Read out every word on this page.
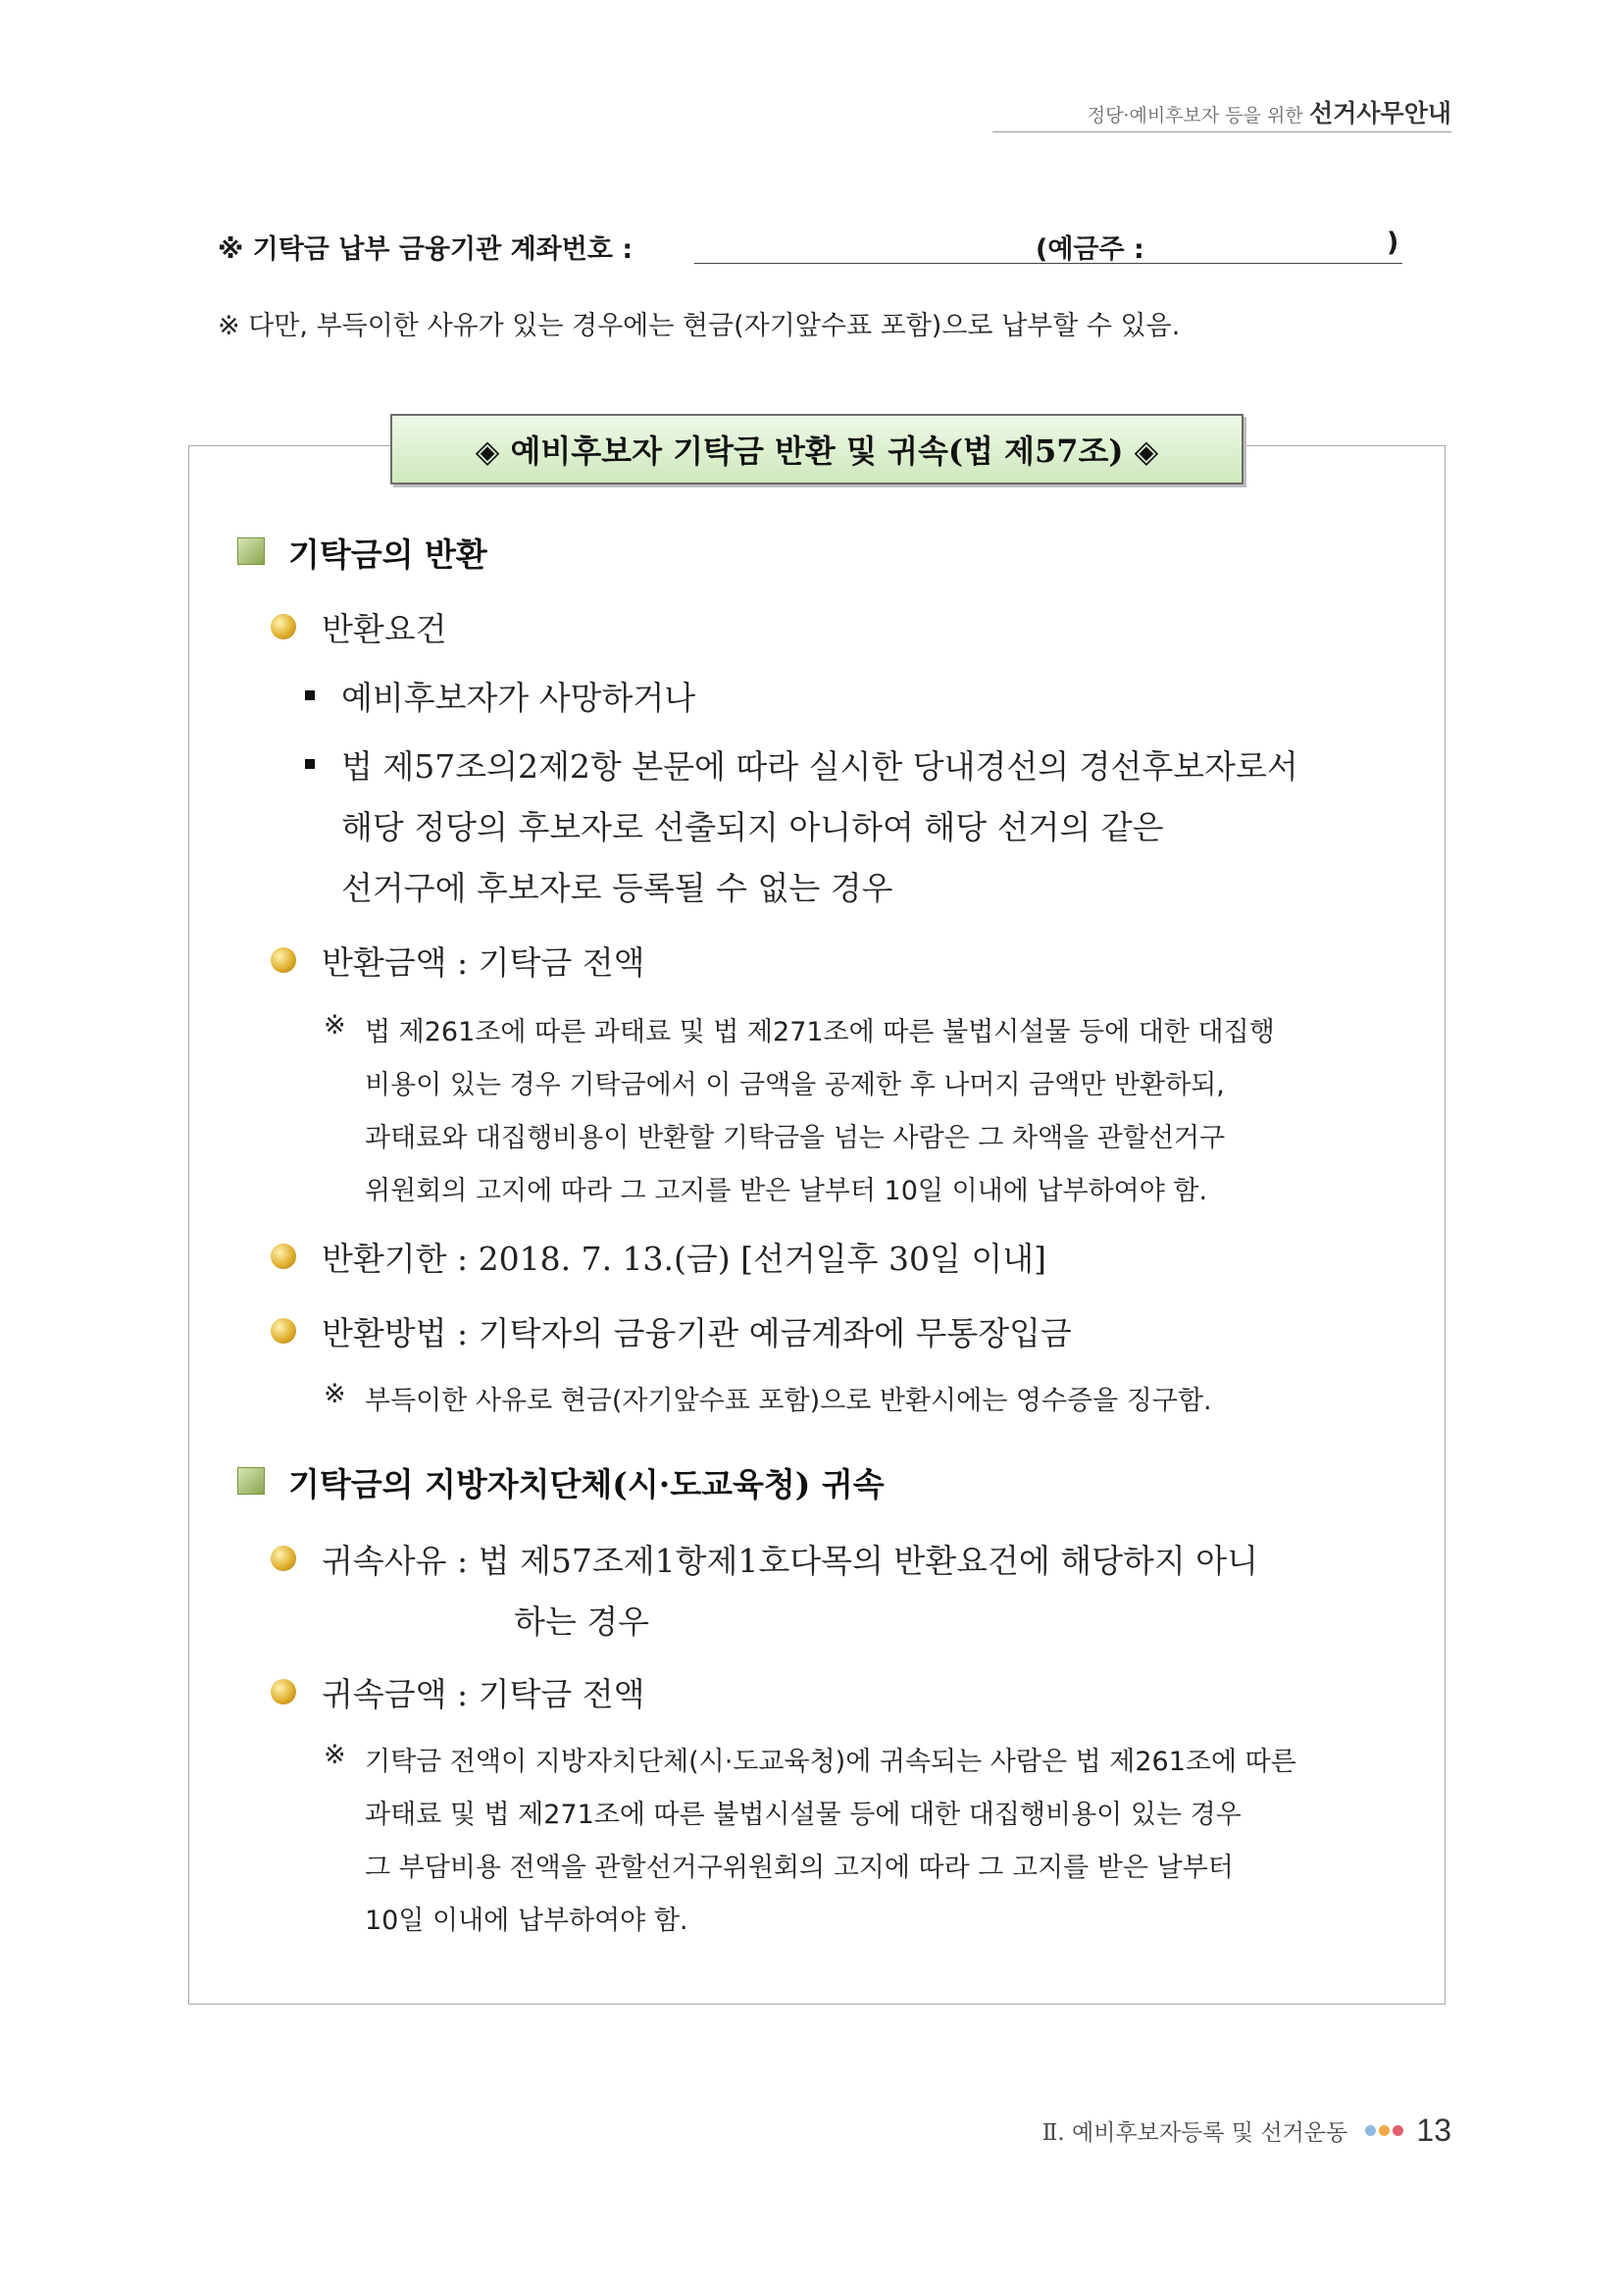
정당·예비후보자 등을 위한 선거사무안내
※ 기탁금 납부 금융기관 계좌번호 :	(예금주 :	)
※ 다만, 부득이한 사유가 있는 경우에는 현금(자기앞수표 포함)으로 납부할 수 있음.
◈ 예비후보자 기탁금 반환 및 귀속(법 제57조) ◈
기탁금의 반환
반환요건
예비후보자가 사망하거나
법 제57조의2제2항 본문에 따라 실시한 당내경선의 경선후보자로서
해당 정당의 후보자로 선출되지 아니하여 해당 선거의 같은
선거구에 후보자로 등록될 수 없는 경우
반환금액 : 기탁금 전액
※ 법 제261조에 따른 과태료 및 법 제271조에 따른 불법시설물 등에 대한 대집행
비용이 있는 경우 기탁금에서 이 금액을 공제한 후 나머지 금액만 반환하되,
과태료와 대집행비용이 반환할 기탁금을 넘는 사람은 그 차액을 관할선거구
위원회의 고지에 따라 그 고지를 받은 날부터 10일 이내에 납부하여야 함.
반환기한 : 2018. 7. 13.(금) [선거일후 30일 이내]
반환방법 : 기탁자의 금융기관 예금계좌에 무통장입금
※ 부득이한 사유로 현금(자기앞수표 포함)으로 반환시에는 영수증을 징구함.
기탁금의 지방자치단체(시·도교육청) 귀속
귀속사유 : 법 제57조제1항제1호다목의 반환요건에 해당하지 아니
하는 경우
귀속금액 : 기탁금 전액
※ 기탁금 전액이 지방자치단체(시·도교육청)에 귀속되는 사람은 법 제261조에 따른
과태료 및 법 제271조에 따른 불법시설물 등에 대한 대집행비용이 있는 경우
그 부담비용 전액을 관할선거구위원회의 고지에 따라 그 고지를 받은 날부터
10일 이내에 납부하여야 함.
Ⅱ. 예비후보자등록 및 선거운동 13
